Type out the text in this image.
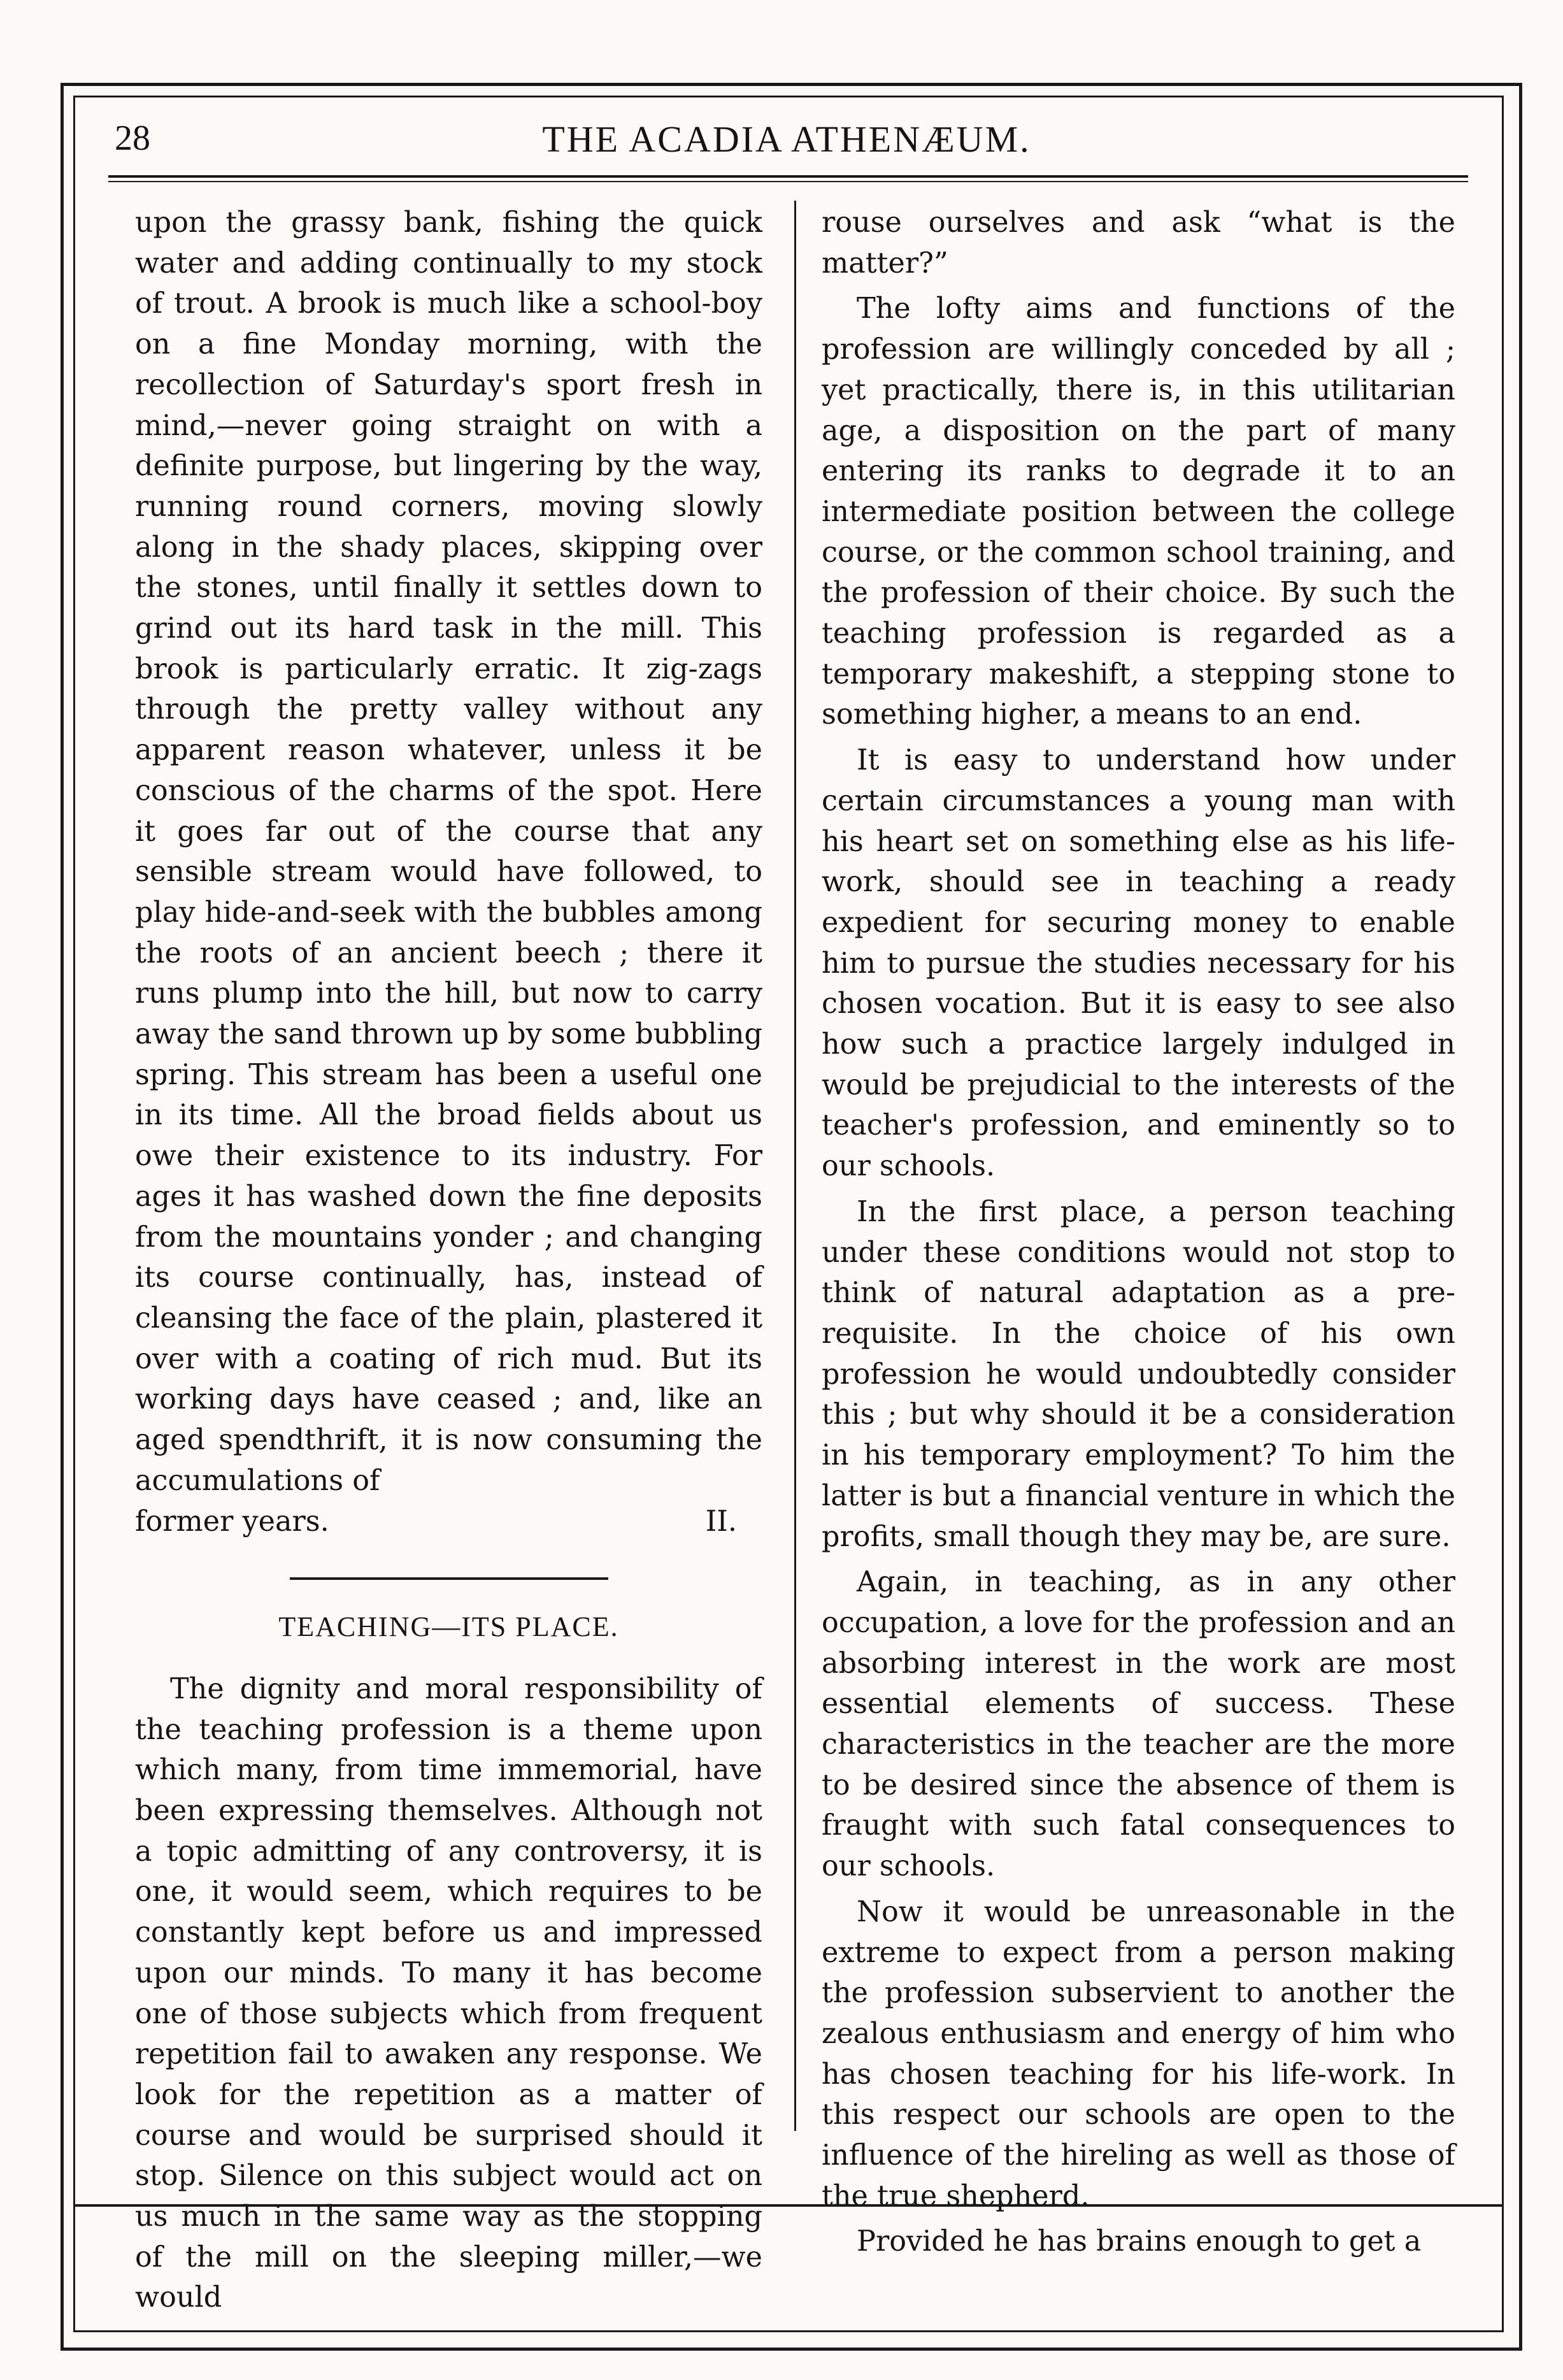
28	THE ACADIA ATHENÆUM.

upon the grassy bank, fishing the quick water and adding continually to my stock of trout. A brook is much like a school-boy on a fine Monday morning, with the recollection of Saturday's sport fresh in mind,—never going straight on with a definite purpose, but lingering by the way, running round corners, moving slowly along in the shady places, skipping over the stones, until finally it settles down to grind out its hard task in the mill. This brook is particularly erratic. It zig-zags through the pretty valley without any apparent reason whatever, unless it be conscious of the charms of the spot. Here it goes far out of the course that any sensible stream would have followed, to play hide-and-seek with the bubbles among the roots of an ancient beech ; there it runs plump into the hill, but now to carry away the sand thrown up by some bubbling spring. This stream has been a useful one in its time. All the broad fields about us owe their existence to its industry. For ages it has washed down the fine deposits from the mountains yonder ; and changing its course continually, has, instead of cleansing the face of the plain, plastered it over with a coating of rich mud. But its working days have ceased ; and, like an aged spendthrift, it is now consuming the accumulations of

former years.	II.

TEACHING—ITS PLACE.

The dignity and moral responsibility of the teaching profession is a theme upon which many, from time immemorial, have been expressing themselves. Although not a topic admitting of any controversy, it is one, it would seem, which requires to be constantly kept before us and impressed upon our minds. To many it has become one of those subjects which from frequent repetition fail to awaken any response. We look for the repetition as a matter of course and would be surprised should it stop. Silence on this subject would act on us much in the same way as the stopping of the mill on the sleeping miller,—we would

rouse ourselves and ask “what is the matter?”

The lofty aims and functions of the profession are willingly conceded by all ; yet practically, there is, in this utilitarian age, a disposition on the part of many entering its ranks to degrade it to an intermediate position between the college course, or the common school training, and the profession of their choice. By such the teaching profession is regarded as a temporary makeshift, a stepping stone to something higher, a means to an end.

It is easy to understand how under certain circumstances a young man with his heart set on something else as his life-work, should see in teaching a ready expedient for securing money to enable him to pursue the studies necessary for his chosen vocation. But it is easy to see also how such a practice largely indulged in would be prejudicial to the interests of the teacher's profession, and eminently so to our schools.

In the first place, a person teaching under these conditions would not stop to think of natural adaptation as a pre-requisite. In the choice of his own profession he would undoubtedly consider this ; but why should it be a consideration in his temporary employment? To him the latter is but a financial venture in which the profits, small though they may be, are sure.

Again, in teaching, as in any other occupation, a love for the profession and an absorbing interest in the work are most essential elements of success. These characteristics in the teacher are the more to be desired since the absence of them is fraught with such fatal consequences to our schools.

Now it would be unreasonable in the extreme to expect from a person making the profession subservient to another the zealous enthusiasm and energy of him who has chosen teaching for his life-work. In this respect our schools are open to the influence of the hireling as well as those of the true shepherd.

Provided he has brains enough to get a
